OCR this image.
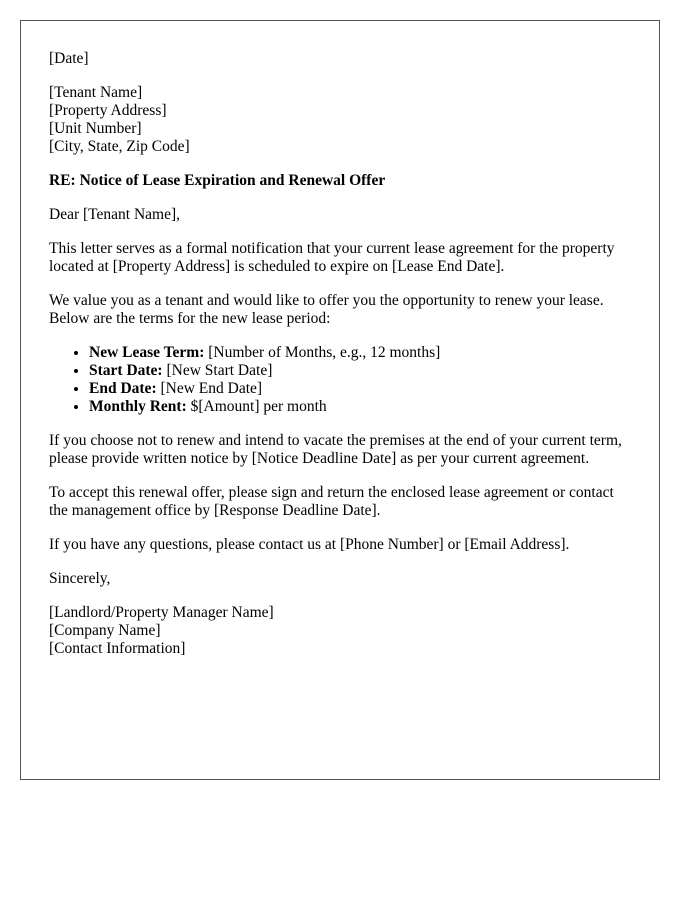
[Date]
[Tenant Name]
[Property Address]
[Unit Number]
[City, State, Zip Code]
RE: Notice of Lease Expiration and Renewal Offer
Dear [Tenant Name],
This letter serves as a formal notification that your current lease agreement for the property located at [Property Address] is scheduled to expire on [Lease End Date].
We value you as a tenant and would like to offer you the opportunity to renew your lease. Below are the terms for the new lease period:
• New Lease Term: [Number of Months, e.g., 12 months]
• Start Date: [New Start Date]
• End Date: [New End Date]
• Monthly Rent: $[Amount] per month
If you choose not to renew and intend to vacate the premises at the end of your current term, please provide written notice by [Notice Deadline Date] as per your current agreement.
To accept this renewal offer, please sign and return the enclosed lease agreement or contact the management office by [Response Deadline Date].
If you have any questions, please contact us at [Phone Number] or [Email Address].
Sincerely,
[Landlord/Property Manager Name]
[Company Name]
[Contact Information]
